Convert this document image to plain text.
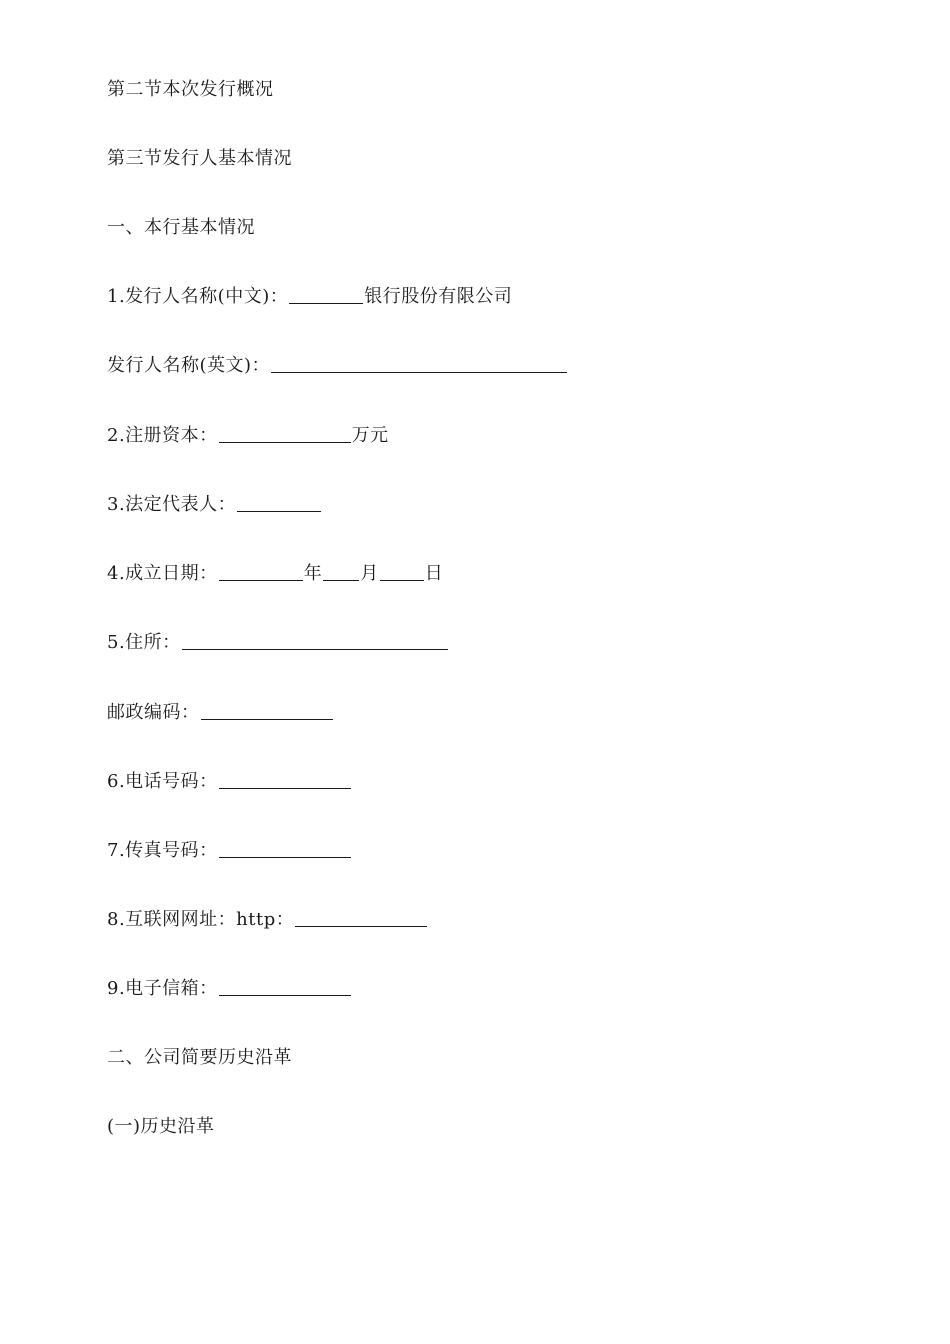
第二节本次发行概况
第三节发行人基本情况
一、本行基本情况
1.发行人名称(中文)：	银行股份有限公司
发行人名称(英文)：
2.注册资本：	万元
3.法定代表人：
4.成立日期：	年 月	日
5.住所：
邮政编码：
6.电话号码：
7.传真号码：
8.互联网网址：http：
9.电子信箱：
二、公司简要历史沿革
(一)历史沿革
